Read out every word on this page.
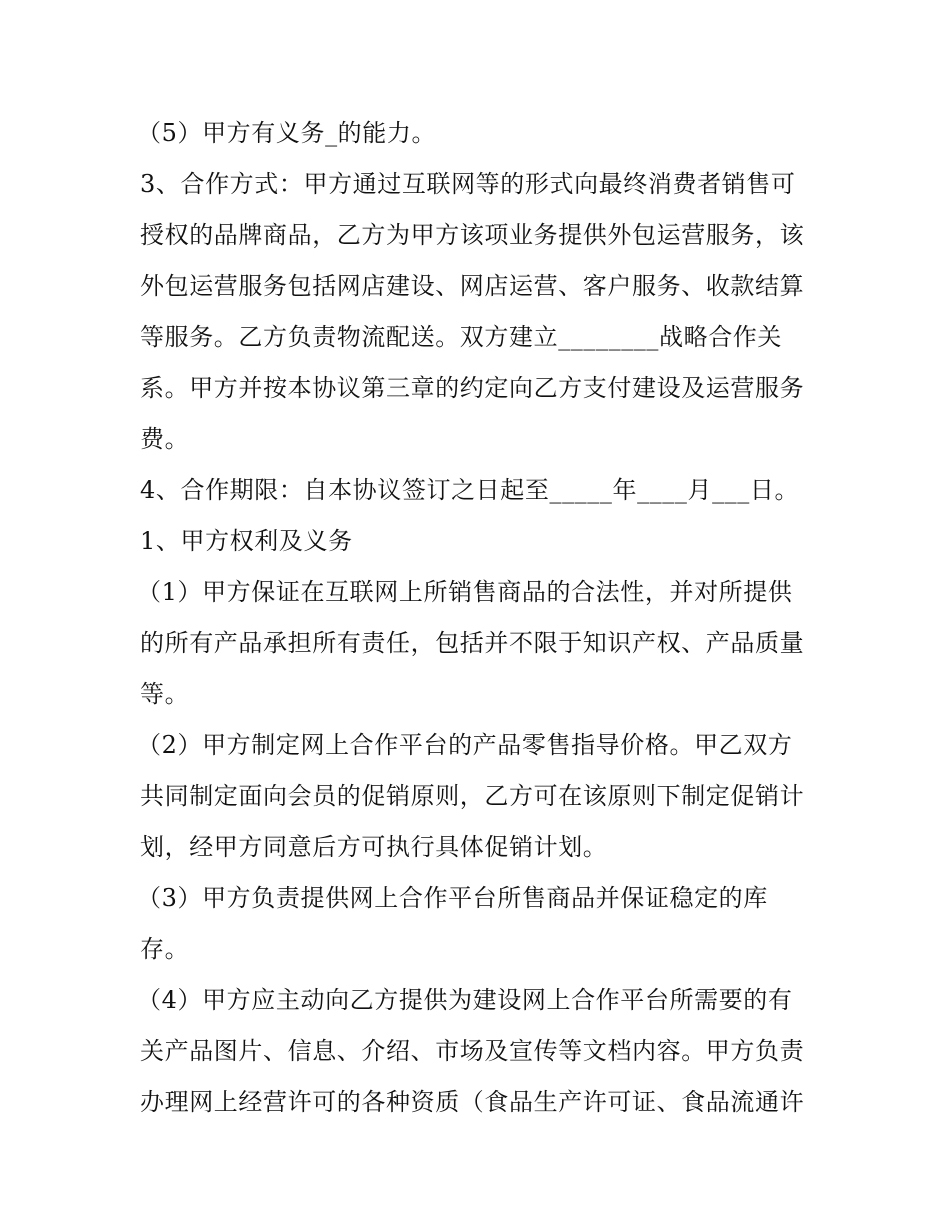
（5）甲方有义务_的能力。
3、合作方式：甲方通过互联网等的形式向最终消费者销售可
授权的品牌商品，乙方为甲方该项业务提供外包运营服务，该
外包运营服务包括网店建设、网店运营、客户服务、收款结算
等服务。乙方负责物流配送。双方建立________战略合作关
系。甲方并按本协议第三章的约定向乙方支付建设及运营服务
费。
4、合作期限：自本协议签订之日起至_____年____月___日。
1、甲方权利及义务
（1）甲方保证在互联网上所销售商品的合法性，并对所提供
的所有产品承担所有责任，包括并不限于知识产权、产品质量
等。
（2）甲方制定网上合作平台的产品零售指导价格。甲乙双方
共同制定面向会员的促销原则，乙方可在该原则下制定促销计
划，经甲方同意后方可执行具体促销计划。
（3）甲方负责提供网上合作平台所售商品并保证稳定的库
存。
（4）甲方应主动向乙方提供为建设网上合作平台所需要的有
关产品图片、信息、介绍、市场及宣传等文档内容。甲方负责
办理网上经营许可的各种资质（食品生产许可证、食品流通许
